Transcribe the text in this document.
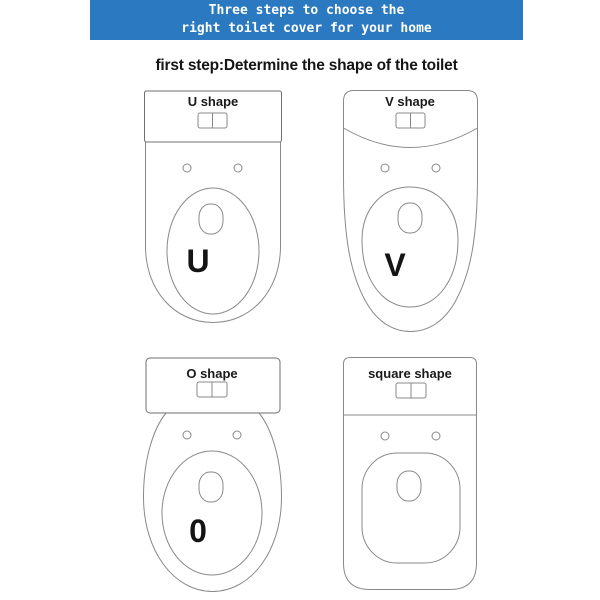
Three steps to choose the
right toilet cover for your home
first step:Determine the shape of the toilet
U shape
U
V shape
V
O shape
0
square shape
